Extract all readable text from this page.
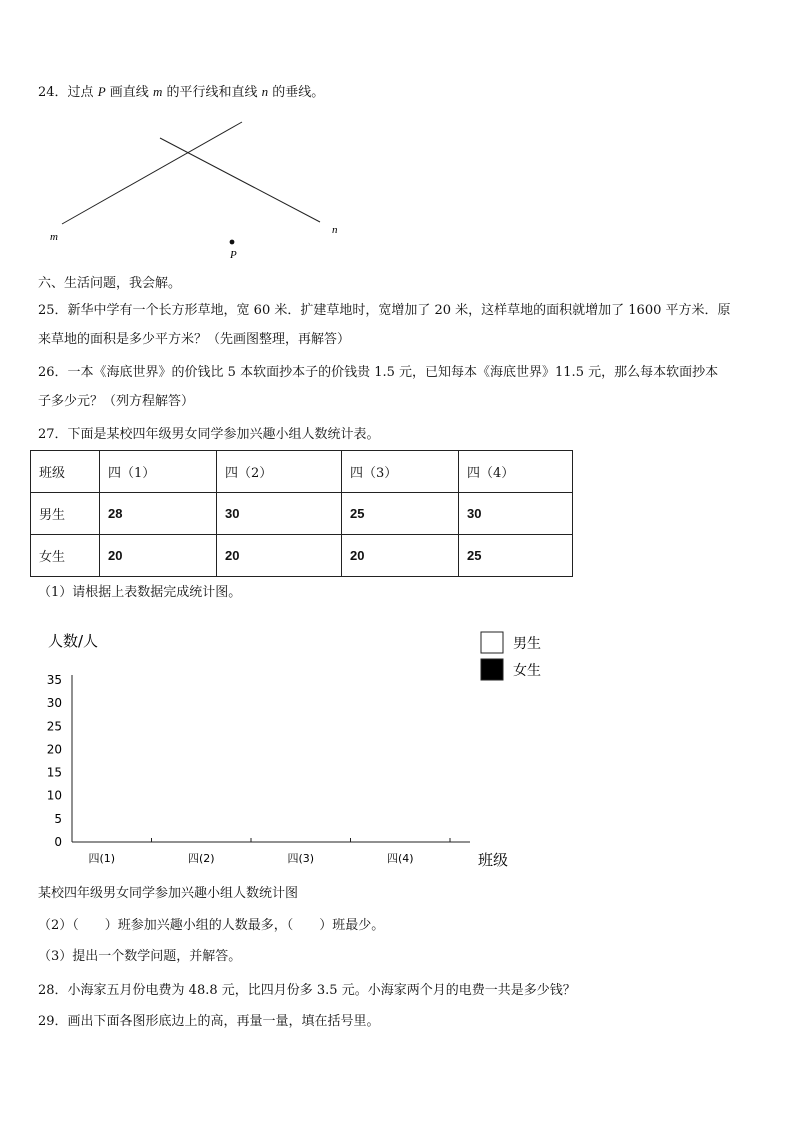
24．过点 P 画直线 m 的平行线和直线 n 的垂线。
m
n
P
六、生活问题，我会解。
25．新华中学有一个长方形草地，宽 60 米．扩建草地时，宽增加了 20 米，这样草地的面积就增加了 1600 平方米．原
来草地的面积是多少平方米？（先画图整理，再解答）
26．一本《海底世界》的价钱比 5 本软面抄本子的价钱贵 1.5 元，已知每本《海底世界》11.5 元，那么每本软面抄本
子多少元？（列方程解答）
27．下面是某校四年级男女同学参加兴趣小组人数统计表。
班级	四（1）	四（2）	四（3）	四（4）
男生	28	30	25	30
女生	20	20	20	25
（1）请根据上表数据完成统计图。
人数/人
0
5
10
15
20
25
30
35
四(1)	四(2)	四(3)	四(4)	班级
男生
女生
某校四年级男女同学参加兴趣小组人数统计图
（2）（　　）班参加兴趣小组的人数最多，（　　）班最少。
（3）提出一个数学问题，并解答。
28．小海家五月份电费为 48.8 元，比四月份多 3.5 元。小海家两个月的电费一共是多少钱？
29．画出下面各图形底边上的高，再量一量，填在括号里。
